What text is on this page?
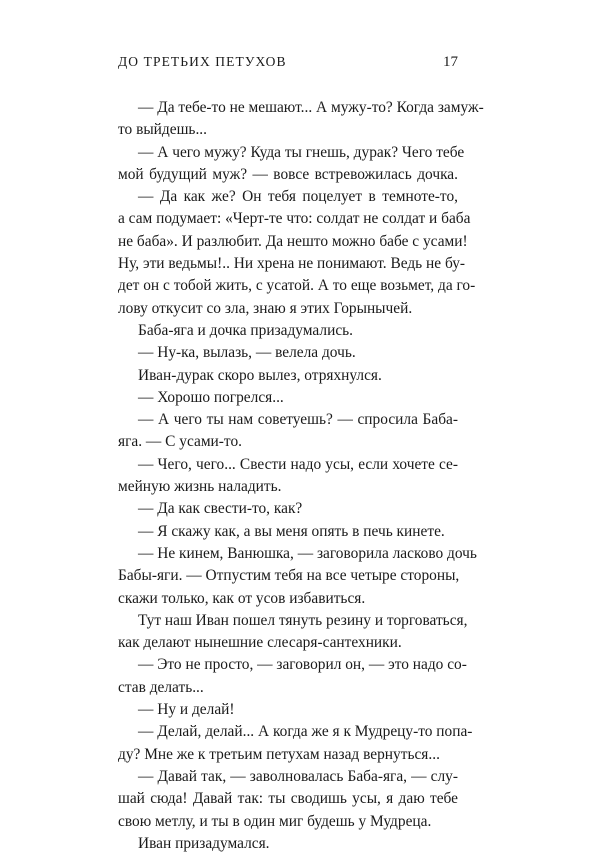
ДО ТРЕТЬИХ ПЕТУХОВ	17
— Да тебе-то не мешают... А мужу-то? Когда замуж-
то выйдешь...
— А чего мужу? Куда ты гнешь, дурак? Чего тебе
мой будущий муж? — вовсе встревожилась дочка.
— Да как же? Он тебя поцелует в темноте-то,
а сам подумает: «Черт-те что: солдат не солдат и баба
не баба». И разлюбит. Да нешто можно бабе с усами!
Ну, эти ведьмы!.. Ни хрена не понимают. Ведь не бу-
дет он с тобой жить, с усатой. А то еще возьмет, да го-
лову откусит со зла, знаю я этих Горынычей.
Баба-яга и дочка призадумались.
— Ну-ка, вылазь, — велела дочь.
Иван-дурак скоро вылез, отряхнулся.
— Хорошо погрелся...
— А чего ты нам советуешь? — спросила Баба-
яга. — С усами-то.
— Чего, чего... Свести надо усы, если хочете се-
мейную жизнь наладить.
— Да как свести-то, как?
— Я скажу как, а вы меня опять в печь кинете.
— Не кинем, Ванюшка, — заговорила ласково дочь
Бабы-яги. — Отпустим тебя на все четыре стороны,
скажи только, как от усов избавиться.
Тут наш Иван пошел тянуть резину и торговаться,
как делают нынешние слесаря-сантехники.
— Это не просто, — заговорил он, — это надо со-
став делать...
— Ну и делай!
— Делай, делай... А когда же я к Мудрецу-то попа-
ду? Мне же к третьим петухам назад вернуться...
— Давай так, — заволновалась Баба-яга, — слу-
шай сюда! Давай так: ты сводишь усы, я даю тебе
свою метлу, и ты в один миг будешь у Мудреца.
Иван призадумался.
